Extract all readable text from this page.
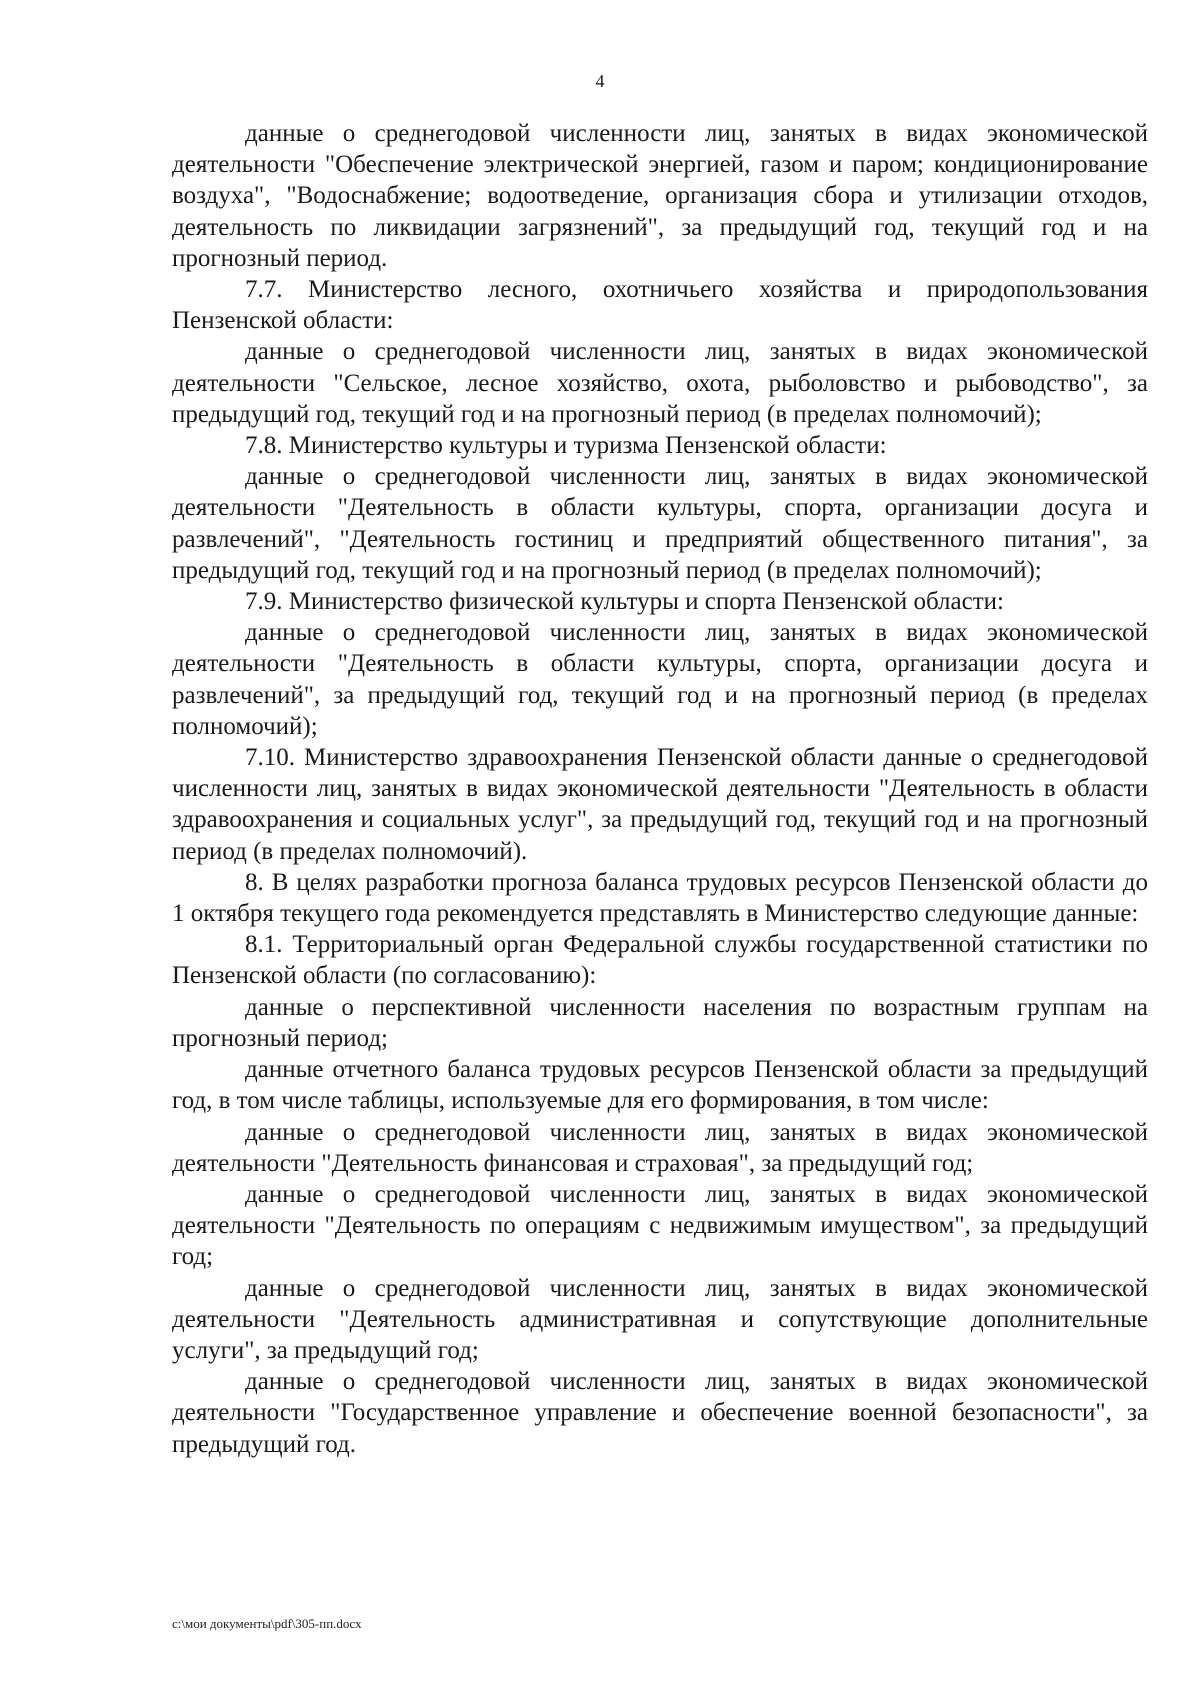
4

данные о среднегодовой численности лиц, занятых в видах экономической деятельности "Обеспечение электрической энергией, газом и паром; кондиционирование воздуха", "Водоснабжение; водоотведение, организация сбора и утилизации отходов, деятельность по ликвидации загрязнений", за предыдущий год, текущий год и на прогнозный период.

7.7. Министерство лесного, охотничьего хозяйства и природопользования Пензенской области:

данные о среднегодовой численности лиц, занятых в видах экономической деятельности "Сельское, лесное хозяйство, охота, рыболовство и рыбоводство", за предыдущий год, текущий год и на прогнозный период (в пределах полномочий);

7.8. Министерство культуры и туризма Пензенской области:

данные о среднегодовой численности лиц, занятых в видах экономической деятельности "Деятельность в области культуры, спорта, организации досуга и развлечений", "Деятельность гостиниц и предприятий общественного питания", за предыдущий год, текущий год и на прогнозный период (в пределах полномочий);

7.9. Министерство физической культуры и спорта Пензенской области:

данные о среднегодовой численности лиц, занятых в видах экономической деятельности "Деятельность в области культуры, спорта, организации досуга и развлечений", за предыдущий год, текущий год и на прогнозный период (в пределах полномочий);

7.10. Министерство здравоохранения Пензенской области данные о среднегодовой численности лиц, занятых в видах экономической деятельности "Деятельность в области здравоохранения и социальных услуг", за предыдущий год, текущий год и на прогнозный период (в пределах полномочий).

8. В целях разработки прогноза баланса трудовых ресурсов Пензенской области до 1 октября текущего года рекомендуется представлять в Министерство следующие данные:

8.1. Территориальный орган Федеральной службы государственной статистики по Пензенской области (по согласованию):

данные о перспективной численности населения по возрастным группам на прогнозный период;

данные отчетного баланса трудовых ресурсов Пензенской области за предыдущий год, в том числе таблицы, используемые для его формирования, в том числе:

данные о среднегодовой численности лиц, занятых в видах экономической деятельности "Деятельность финансовая и страховая", за предыдущий год;

данные о среднегодовой численности лиц, занятых в видах экономической деятельности "Деятельность по операциям с недвижимым имуществом", за предыдущий год;

данные о среднегодовой численности лиц, занятых в видах экономической деятельности "Деятельность административная и сопутствующие дополнительные услуги", за предыдущий год;

данные о среднегодовой численности лиц, занятых в видах экономической деятельности "Государственное управление и обеспечение военной безопасности", за предыдущий год.

c:\мои документы\pdf\305-пп.docx
